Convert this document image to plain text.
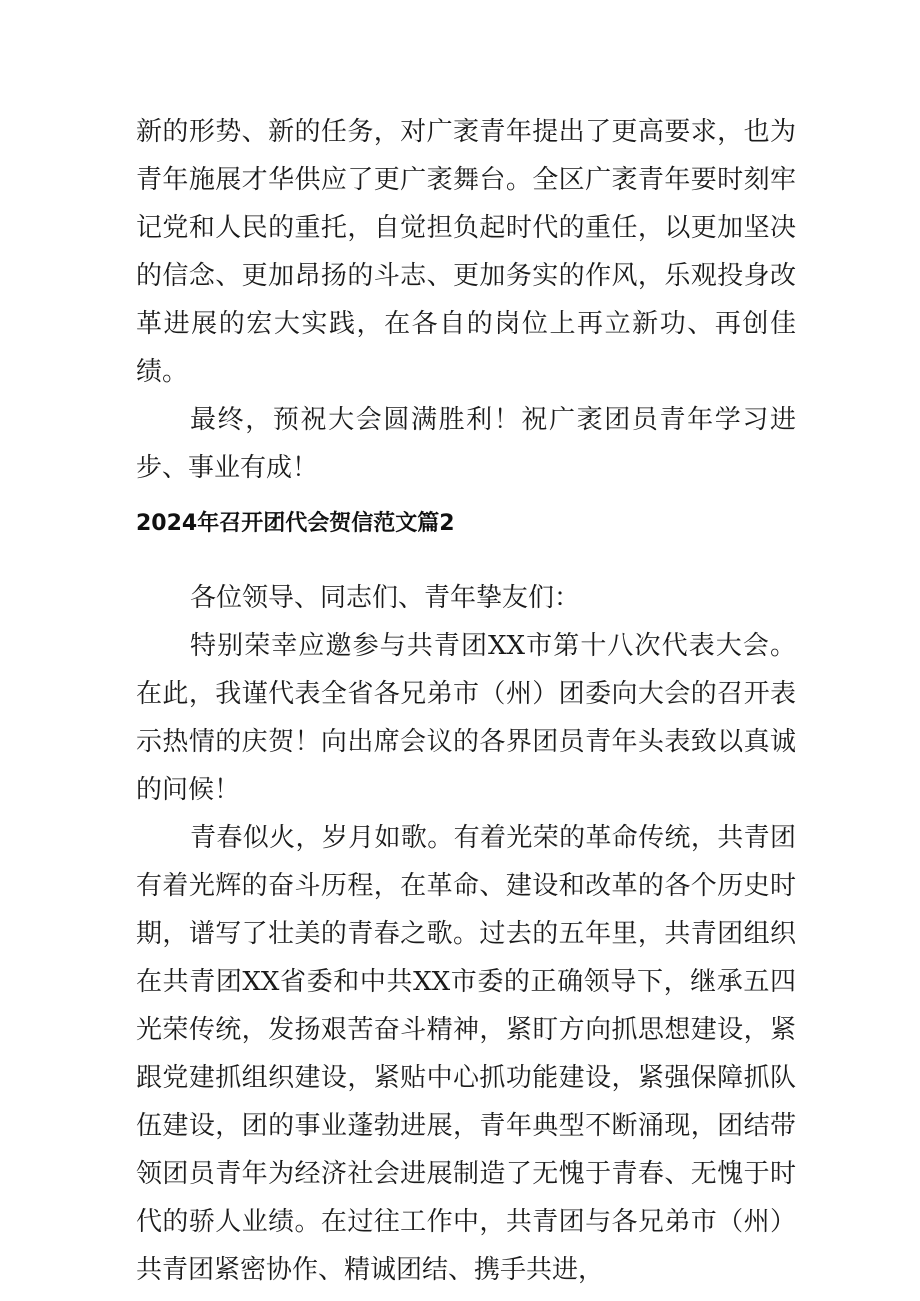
新的形势、新的任务，对广袤青年提出了更高要求，也为青年施展才华供应了更广袤舞台。全区广袤青年要时刻牢记党和人民的重托，自觉担负起时代的重任，以更加坚决的信念、更加昂扬的斗志、更加务实的作风，乐观投身改革进展的宏大实践，在各自的岗位上再立新功、再创佳绩。

最终，预祝大会圆满胜利！祝广袤团员青年学习进步、事业有成！

2024年召开团代会贺信范文篇2

各位领导、同志们、青年挚友们：

特别荣幸应邀参与共青团XX市第十八次代表大会。在此，我谨代表全省各兄弟市（州）团委向大会的召开表示热情的庆贺！向出席会议的各界团员青年头表致以真诚的问候！

青春似火，岁月如歌。有着光荣的革命传统，共青团有着光辉的奋斗历程，在革命、建设和改革的各个历史时期，谱写了壮美的青春之歌。过去的五年里，共青团组织在共青团XX省委和中共XX市委的正确领导下，继承五四光荣传统，发扬艰苦奋斗精神，紧盯方向抓思想建设，紧跟党建抓组织建设，紧贴中心抓功能建设，紧强保障抓队伍建设，团的事业蓬勃进展，青年典型不断涌现，团结带领团员青年为经济社会进展制造了无愧于青春、无愧于时代的骄人业绩。在过往工作中，共青团与各兄弟市（州）共青团紧密协作、精诚团结、携手共进，
